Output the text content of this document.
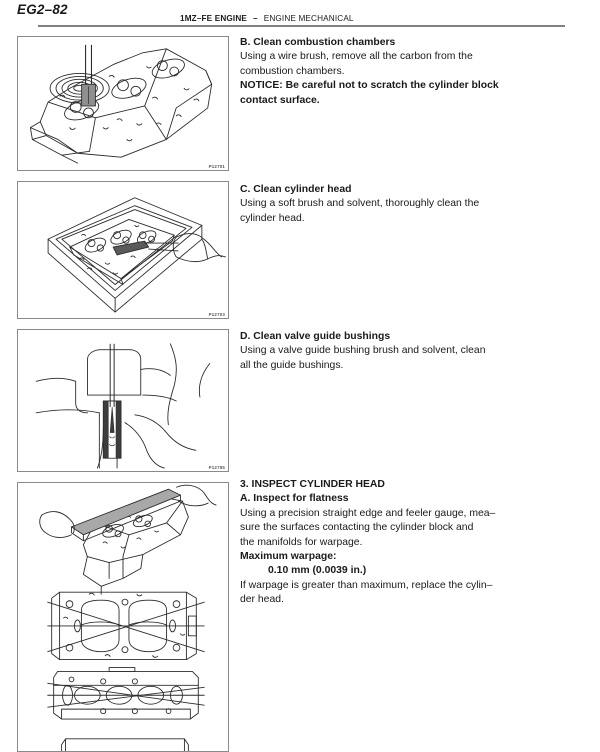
EG2–82
1MZ–FE ENGINE – ENGINE MECHANICAL
P12701
B. Clean combustion chambers
Using a wire brush, remove all the carbon from the
combustion chambers.
NOTICE: Be careful not to scratch the cylinder block
contact surface.
P12703
C. Clean cylinder head
Using a soft brush and solvent, thoroughly clean the
cylinder head.
P12755
D. Clean valve guide bushings
Using a valve guide bushing brush and solvent, clean
all the guide bushings.
3. INSPECT CYLINDER HEAD
A. Inspect for flatness
Using a precision straight edge and feeler gauge, mea–
sure the surfaces contacting the cylinder block and
the manifolds for warpage.
Maximum warpage:
0.10 mm (0.0039 in.)
If warpage is greater than maximum, replace the cylin–
der head.
